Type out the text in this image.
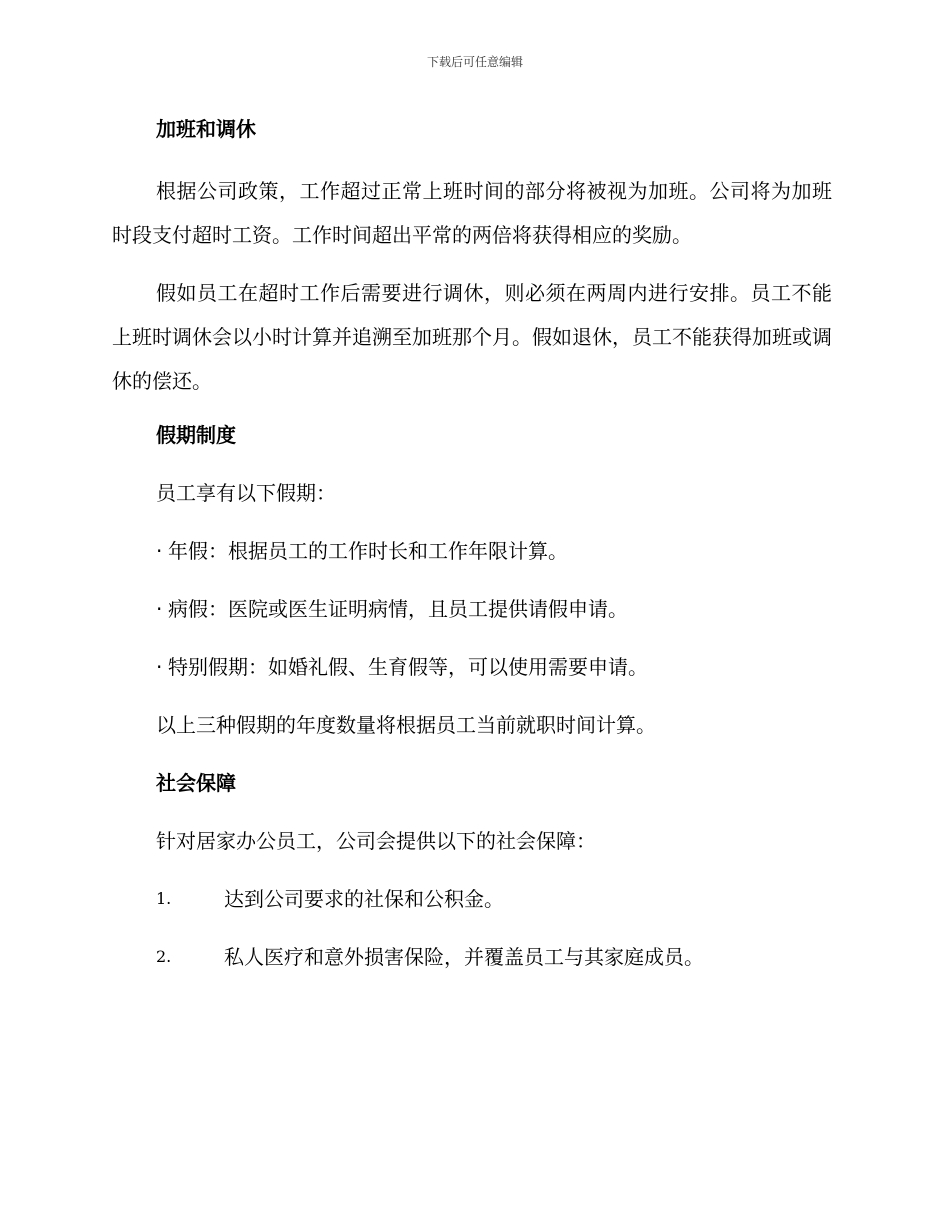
下载后可任意编辑
加班和调休

根据公司政策，工作超过正常上班时间的部分将被视为加班。公司将为加班时段支付超时工资。工作时间超出平常的两倍将获得相应的奖励。

假如员工在超时工作后需要进行调休，则必须在两周内进行安排。员工不能上班时调休会以小时计算并追溯至加班那个月。假如退休，员工不能获得加班或调休的偿还。

假期制度

员工享有以下假期：

· 年假：根据员工的工作时长和工作年限计算。

· 病假：医院或医生证明病情，且员工提供请假申请。

· 特别假期：如婚礼假、生育假等，可以使用需要申请。

以上三种假期的年度数量将根据员工当前就职时间计算。

社会保障

针对居家办公员工，公司会提供以下的社会保障：

1.	达到公司要求的社保和公积金。
2.	私人医疗和意外损害保险，并覆盖员工与其家庭成员。
